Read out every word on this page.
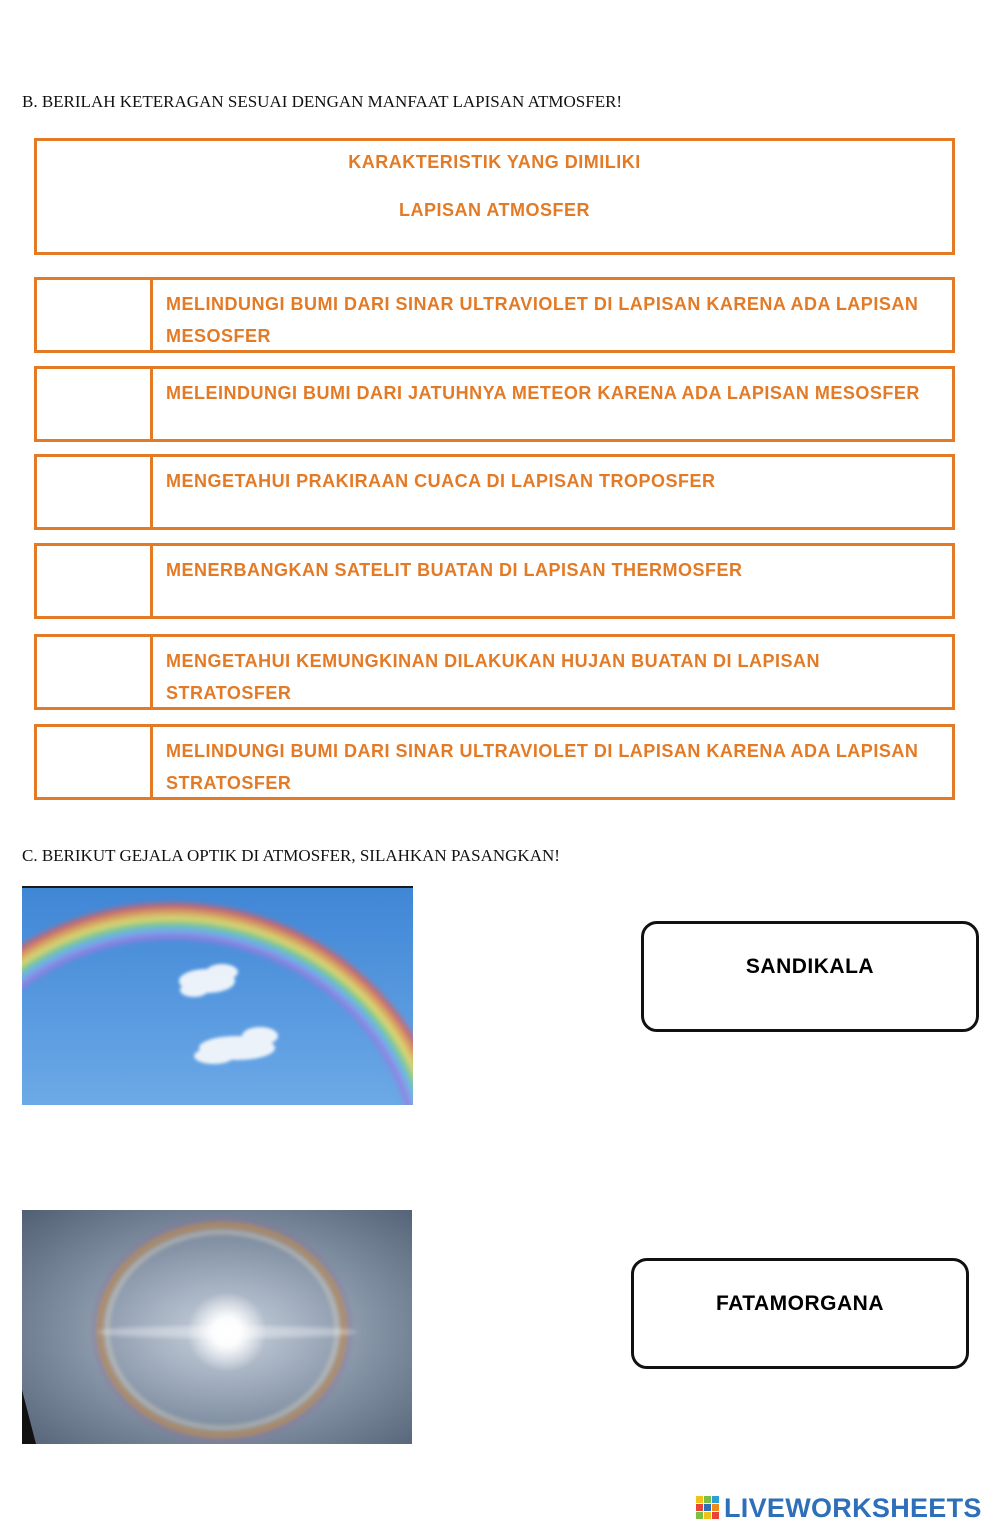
B. BERILAH KETERAGAN SESUAI DENGAN MANFAAT LAPISAN ATMOSFER!
KARAKTERISTIK YANG DIMILIKI
LAPISAN ATMOSFER
MELINDUNGI BUMI DARI SINAR ULTRAVIOLET DI LAPISAN KARENA ADA LAPISAN MESOSFER
MELEINDUNGI BUMI DARI JATUHNYA METEOR KARENA ADA LAPISAN MESOSFER
MENGETAHUI PRAKIRAAN CUACA DI LAPISAN TROPOSFER
MENERBANGKAN SATELIT BUATAN DI LAPISAN THERMOSFER
MENGETAHUI KEMUNGKINAN DILAKUKAN HUJAN BUATAN DI LAPISAN STRATOSFER
MELINDUNGI BUMI DARI SINAR ULTRAVIOLET DI LAPISAN KARENA ADA LAPISAN STRATOSFER
C. BERIKUT GEJALA OPTIK DI ATMOSFER, SILAHKAN PASANGKAN!
SANDIKALA
FATAMORGANA
LIVEWORKSHEETS
